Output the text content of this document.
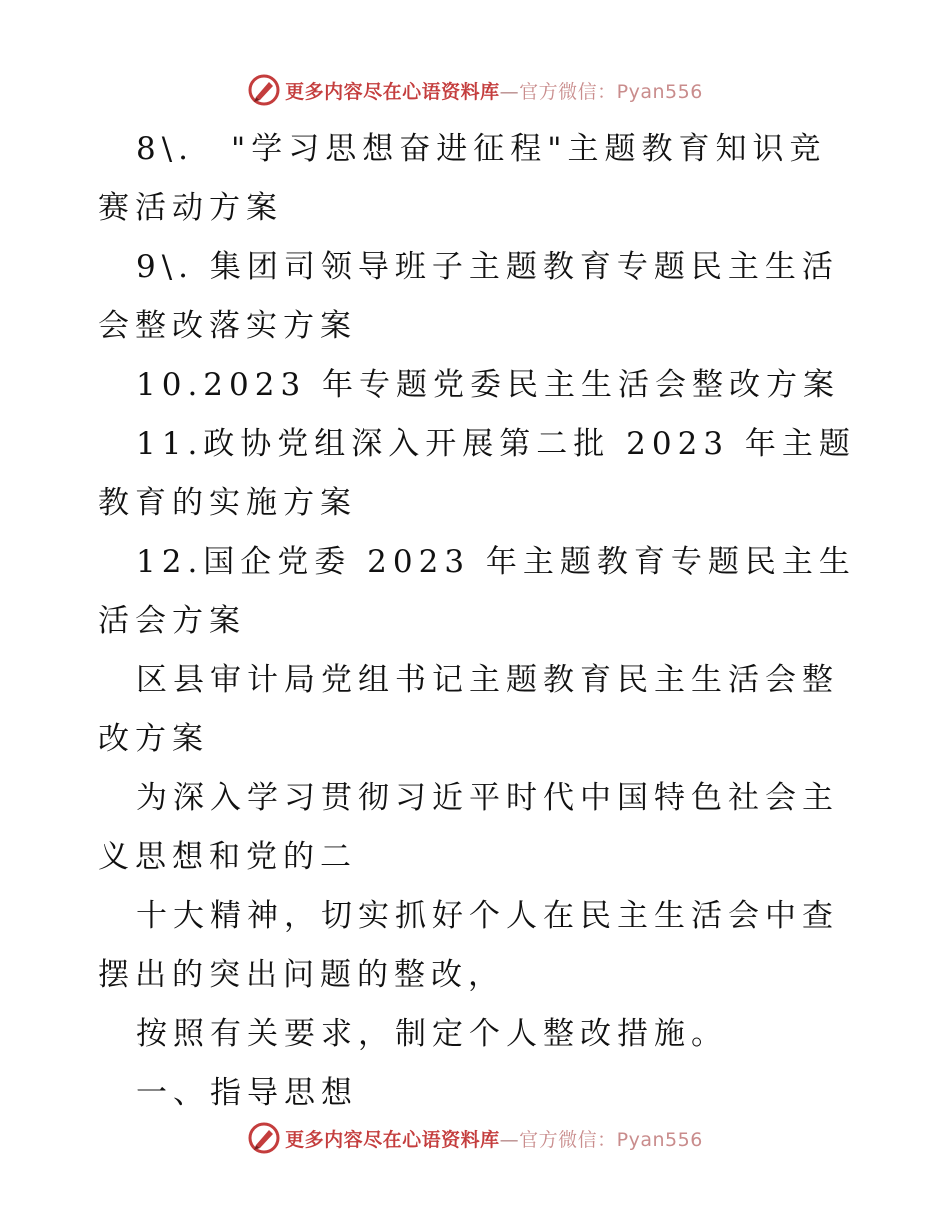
更多内容尽在心语资料库—官方微信：Pyan556

8\.　"学习思想奋进征程"主题教育知识竞赛活动方案

9\. 集团司领导班子主题教育专题民主生活会整改落实方案

10.2023 年专题党委民主生活会整改方案

11.政协党组深入开展第二批 2023 年主题教育的实施方案

12.国企党委 2023 年主题教育专题民主生活会方案

区县审计局党组书记主题教育民主生活会整改方案

为深入学习贯彻习近平时代中国特色社会主义思想和党的二

十大精神，切实抓好个人在民主生活会中查摆出的突出问题的整改，

按照有关要求，制定个人整改措施。

一、指导思想

更多内容尽在心语资料库—官方微信：Pyan556
